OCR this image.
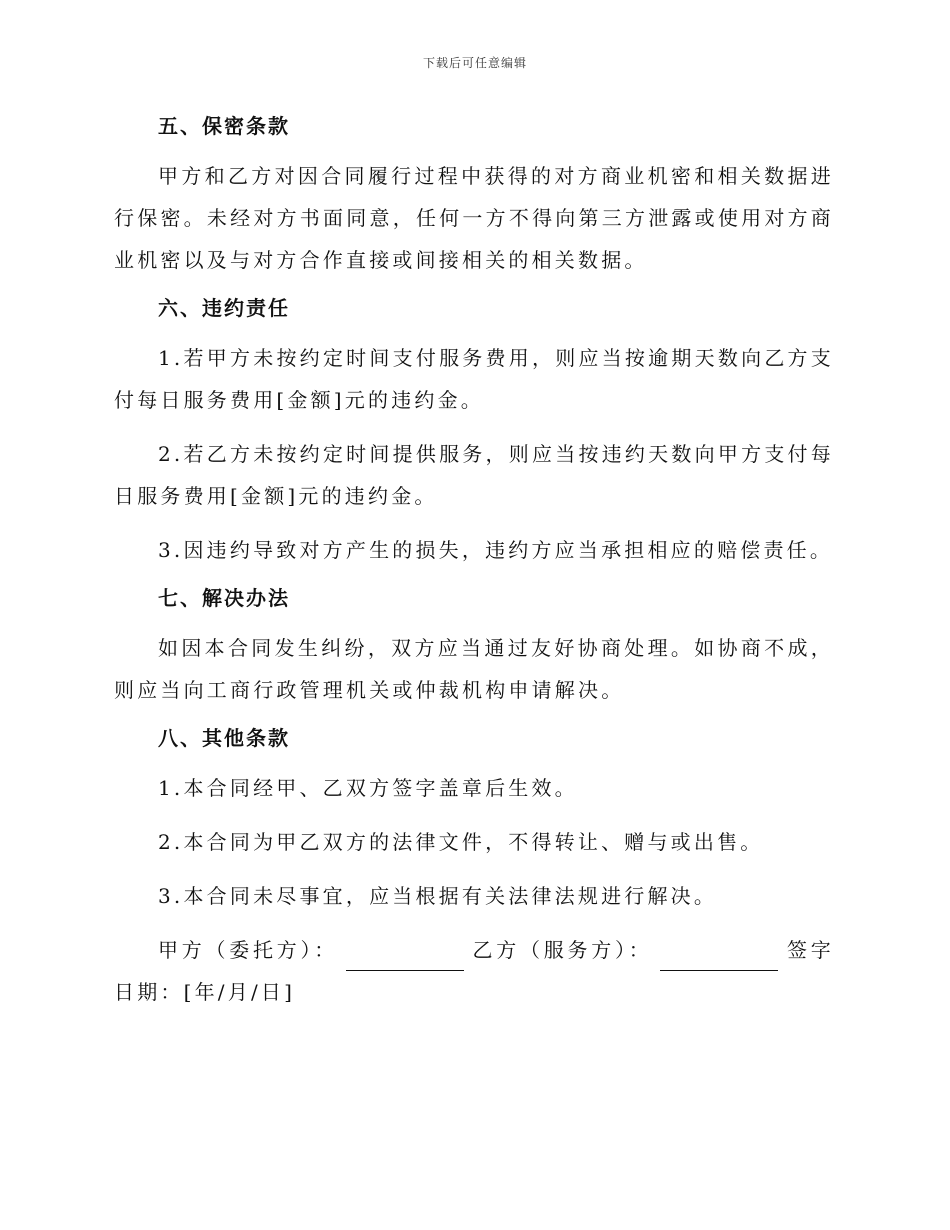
下载后可任意编辑
五、保密条款

甲方和乙方对因合同履行过程中获得的对方商业机密和相关数据进行保密。未经对方书面同意，任何一方不得向第三方泄露或使用对方商业机密以及与对方合作直接或间接相关的相关数据。

六、违约责任

1.若甲方未按约定时间支付服务费用，则应当按逾期天数向乙方支付每日服务费用[金额]元的违约金。

2.若乙方未按约定时间提供服务，则应当按违约天数向甲方支付每日服务费用[金额]元的违约金。

3.因违约导致对方产生的损失，违约方应当承担相应的赔偿责任。

七、解决办法

如因本合同发生纠纷，双方应当通过友好协商处理。如协商不成，则应当向工商行政管理机关或仲裁机构申请解决。

八、其他条款

1.本合同经甲、乙双方签字盖章后生效。

2.本合同为甲乙双方的法律文件，不得转让、赠与或出售。

3.本合同未尽事宜，应当根据有关法律法规进行解决。

甲方（委托方）：	乙方（服务方）：	签字日期：[年/月/日]
